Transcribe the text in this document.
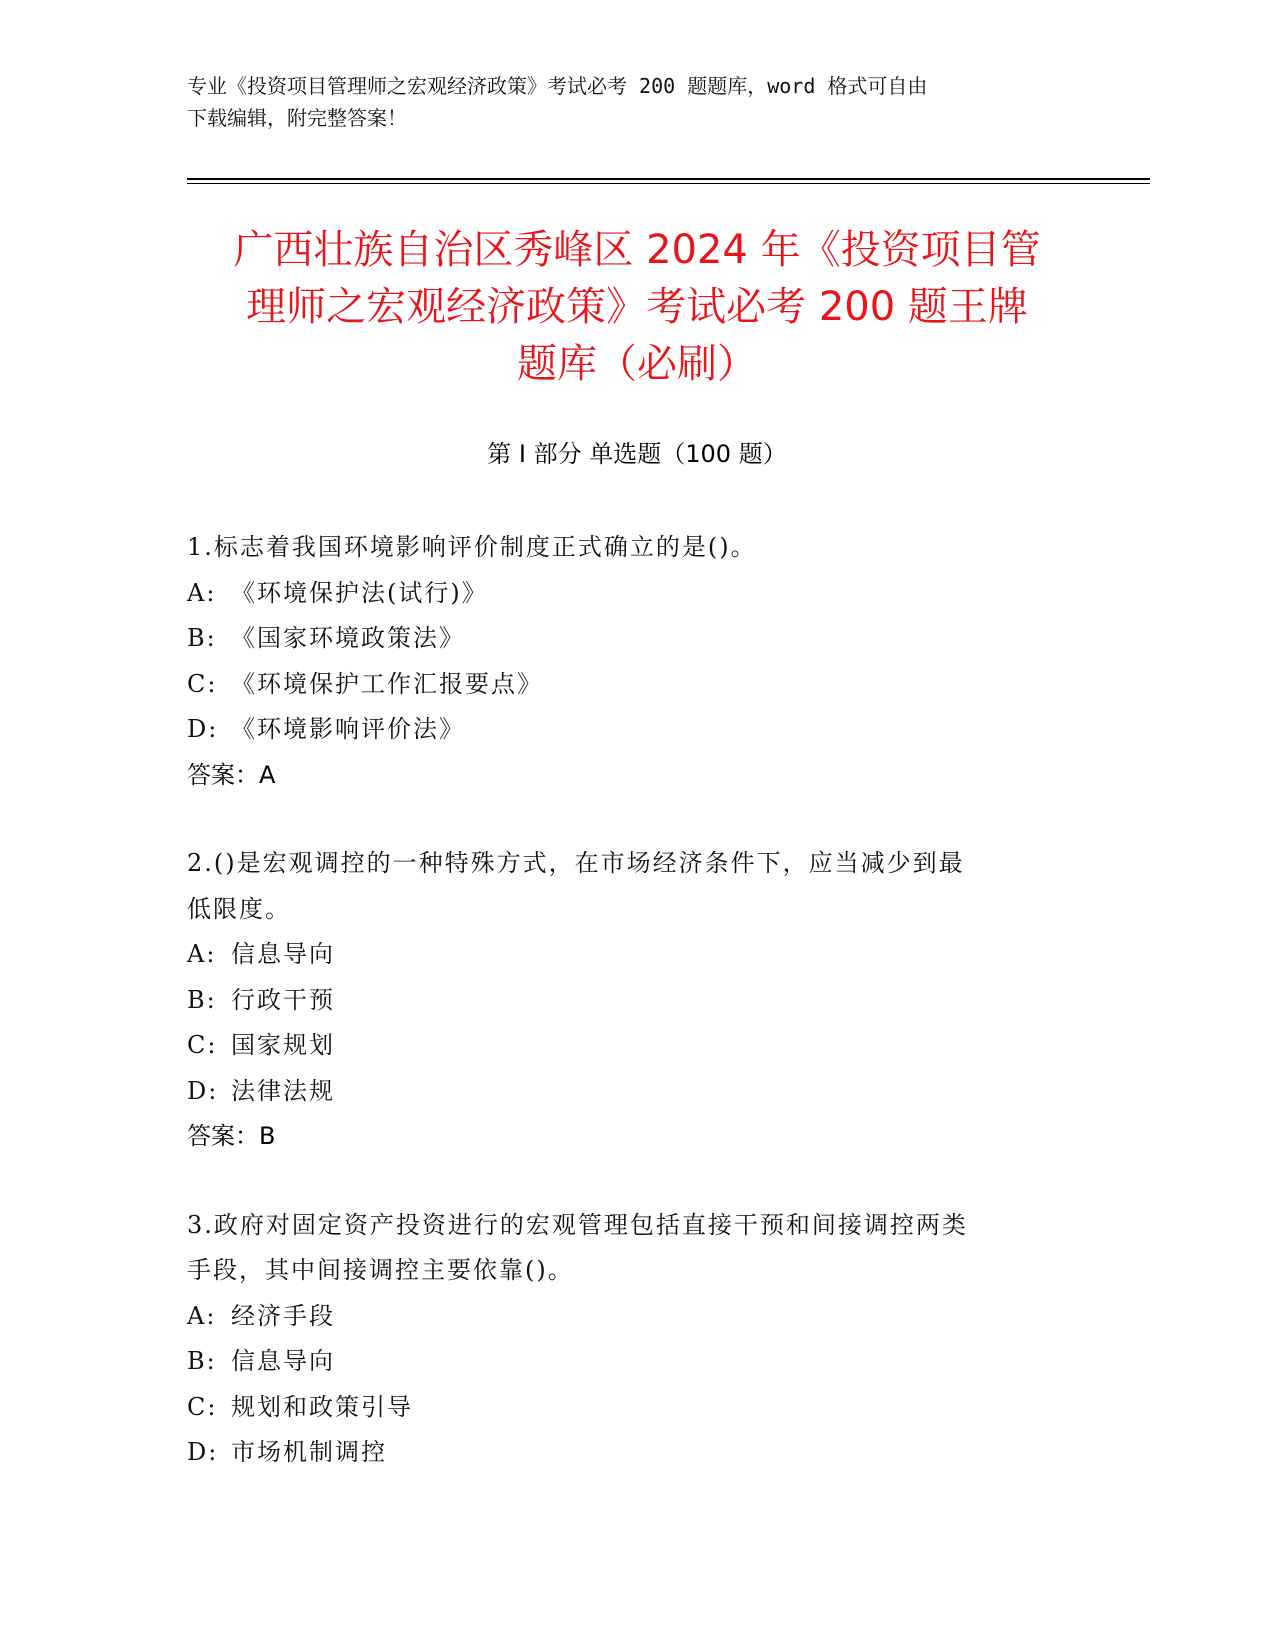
专业《投资项目管理师之宏观经济政策》考试必考 200 题题库，word 格式可自由
下载编辑，附完整答案！
广西壮族自治区秀峰区 2024 年《投资项目管
理师之宏观经济政策》考试必考 200 题王牌
题库（必刷）
第 I 部分 单选题（100 题）
1.标志着我国环境影响评价制度正式确立的是()。
A: 《环境保护法(试行)》
B: 《国家环境政策法》
C: 《环境保护工作汇报要点》
D: 《环境影响评价法》
答案：A
2.()是宏观调控的一种特殊方式，在市场经济条件下，应当减少到最
低限度。
A: 信息导向
B: 行政干预
C: 国家规划
D: 法律法规
答案：B
3.政府对固定资产投资进行的宏观管理包括直接干预和间接调控两类
手段，其中间接调控主要依靠()。
A: 经济手段
B: 信息导向
C: 规划和政策引导
D: 市场机制调控
